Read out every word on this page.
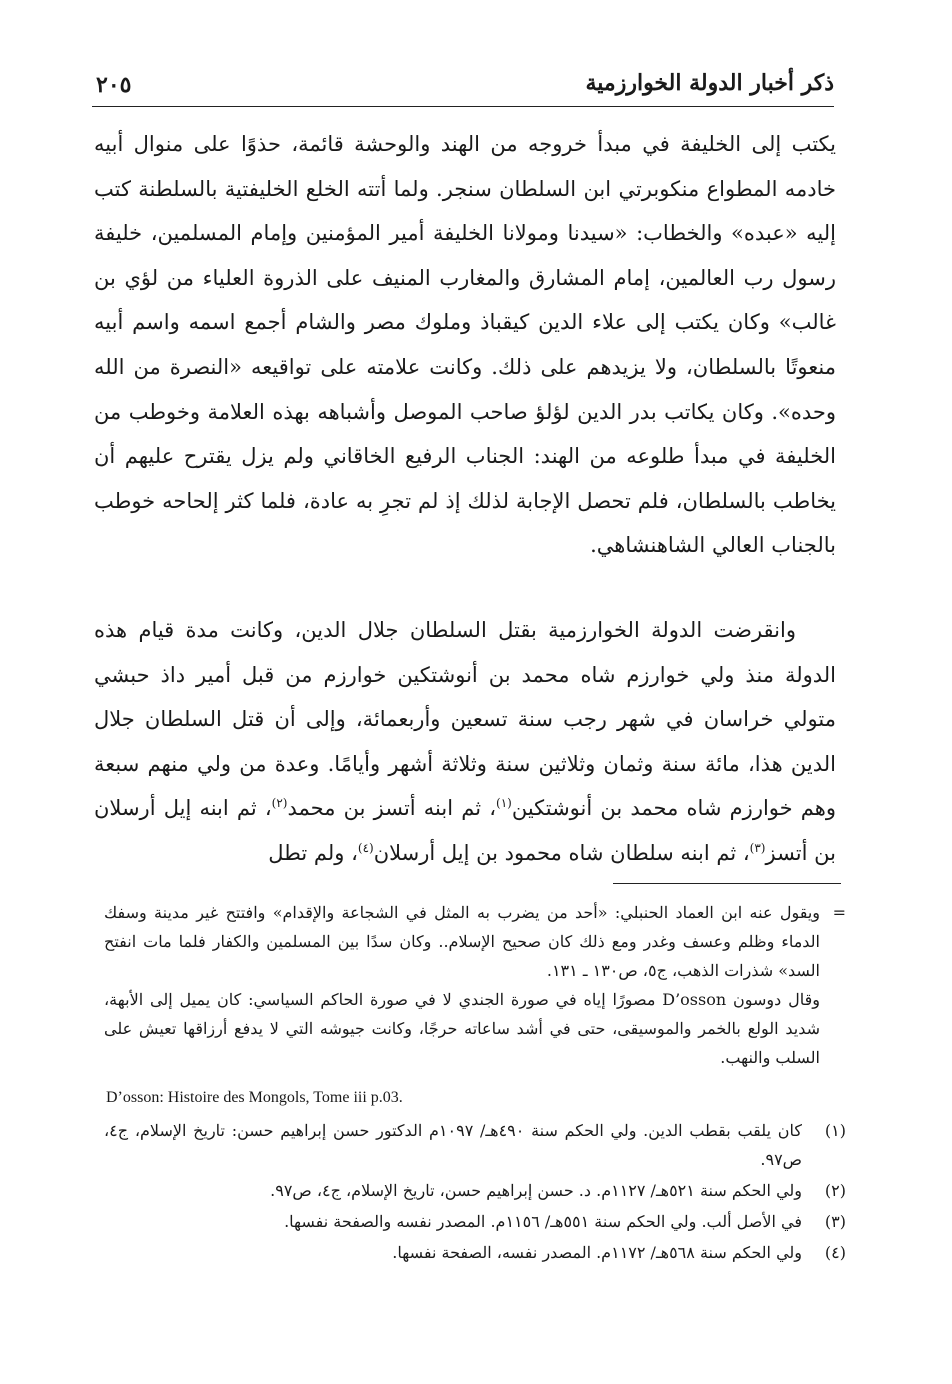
ذكر أخبار الدولة الخوارزمية
٢٠٥

يكتب إلى الخليفة في مبدأ خروجه من الهند والوحشة قائمة، حذوًا على منوال أبيه خادمه المطواع منكوبرتي ابن السلطان سنجر. ولما أتته الخلع الخليفتية بالسلطنة كتب إليه «عبده» والخطاب: «سيدنا ومولانا الخليفة أمير المؤمنين وإمام المسلمين، خليفة رسول رب العالمين، إمام المشارق والمغارب المنيف على الذروة العلياء من لؤي بن غالب» وكان يكتب إلى علاء الدين كيقباذ وملوك مصر والشام أجمع اسمه واسم أبيه منعوتًا بالسلطان، ولا يزيدهم على ذلك. وكانت علامته على تواقيعه «النصرة من الله وحده». وكان يكاتب بدر الدين لؤلؤ صاحب الموصل وأشباهه بهذه العلامة وخوطب من الخليفة في مبدأ طلوعه من الهند: الجناب الرفيع الخاقاني ولم يزل يقترح عليهم أن يخاطب بالسلطان، فلم تحصل الإجابة لذلك إذ لم تجرِ به عادة، فلما كثر إلحاحه خوطب بالجناب العالي الشاهنشاهي.

وانقرضت الدولة الخوارزمية بقتل السلطان جلال الدين، وكانت مدة قيام هذه الدولة منذ ولي خوارزم شاه محمد بن أنوشتكين خوارزم من قبل أمير داذ حبشي متولي خراسان في شهر رجب سنة تسعين وأربعمائة، وإلى أن قتل السلطان جلال الدين هذا، مائة سنة وثمان وثلاثين سنة وثلاثة أشهر وأيامًا. وعدة من ولي منهم سبعة وهم خوارزم شاه محمد بن أنوشتكين$^{(١)}$، ثم ابنه أتسز بن محمد$^{(٢)}$، ثم ابنه إيل أرسلان بن أتسز$^{(٣)}$، ثم ابنه سلطان شاه محمود بن إيل أرسلان$^{(٤)}$، ولم تطل

=

ويقول عنه ابن العماد الحنبلي: «أحد من يضرب به المثل في الشجاعة والإقدام» وافتتح غير مدينة وسفك الدماء وظلم وعسف وغدر ومع ذلك كان صحيح الإسلام.. وكان سدًا بين المسلمين والكفار فلما مات انفتح السد» شذرات الذهب، ج٥، ص١٣٠ ـ ١٣١.

وقال دوسون D’osson مصورًا إياه في صورة الجندي لا في صورة الحاكم السياسي: كان يميل إلى الأبهة، شديد الولع بالخمر والموسيقى، حتى في أشد ساعاته حرجًا، وكانت جيوشه التي لا يدفع أرزاقها تعيش على السلب والنهب.

D’osson: Histoire des Mongols, Tome iii p.03.
(١)
كان يلقب بقطب الدين. ولي الحكم سنة ٤٩٠هـ/ ١٠٩٧م الدكتور حسن إبراهيم حسن: تاريخ الإسلام، ج٤، ص٩٧.
(٢)
ولي الحكم سنة ٥٢١هـ/ ١١٢٧م. د. حسن إبراهيم حسن، تاريخ الإسلام، ج٤، ص٩٧.
(٣)
في الأصل ألب. ولي الحكم سنة ٥٥١هـ/ ١١٥٦م. المصدر نفسه والصفحة نفسها.
(٤)
ولي الحكم سنة ٥٦٨هـ/ ١١٧٢م. المصدر نفسه، الصفحة نفسها.
